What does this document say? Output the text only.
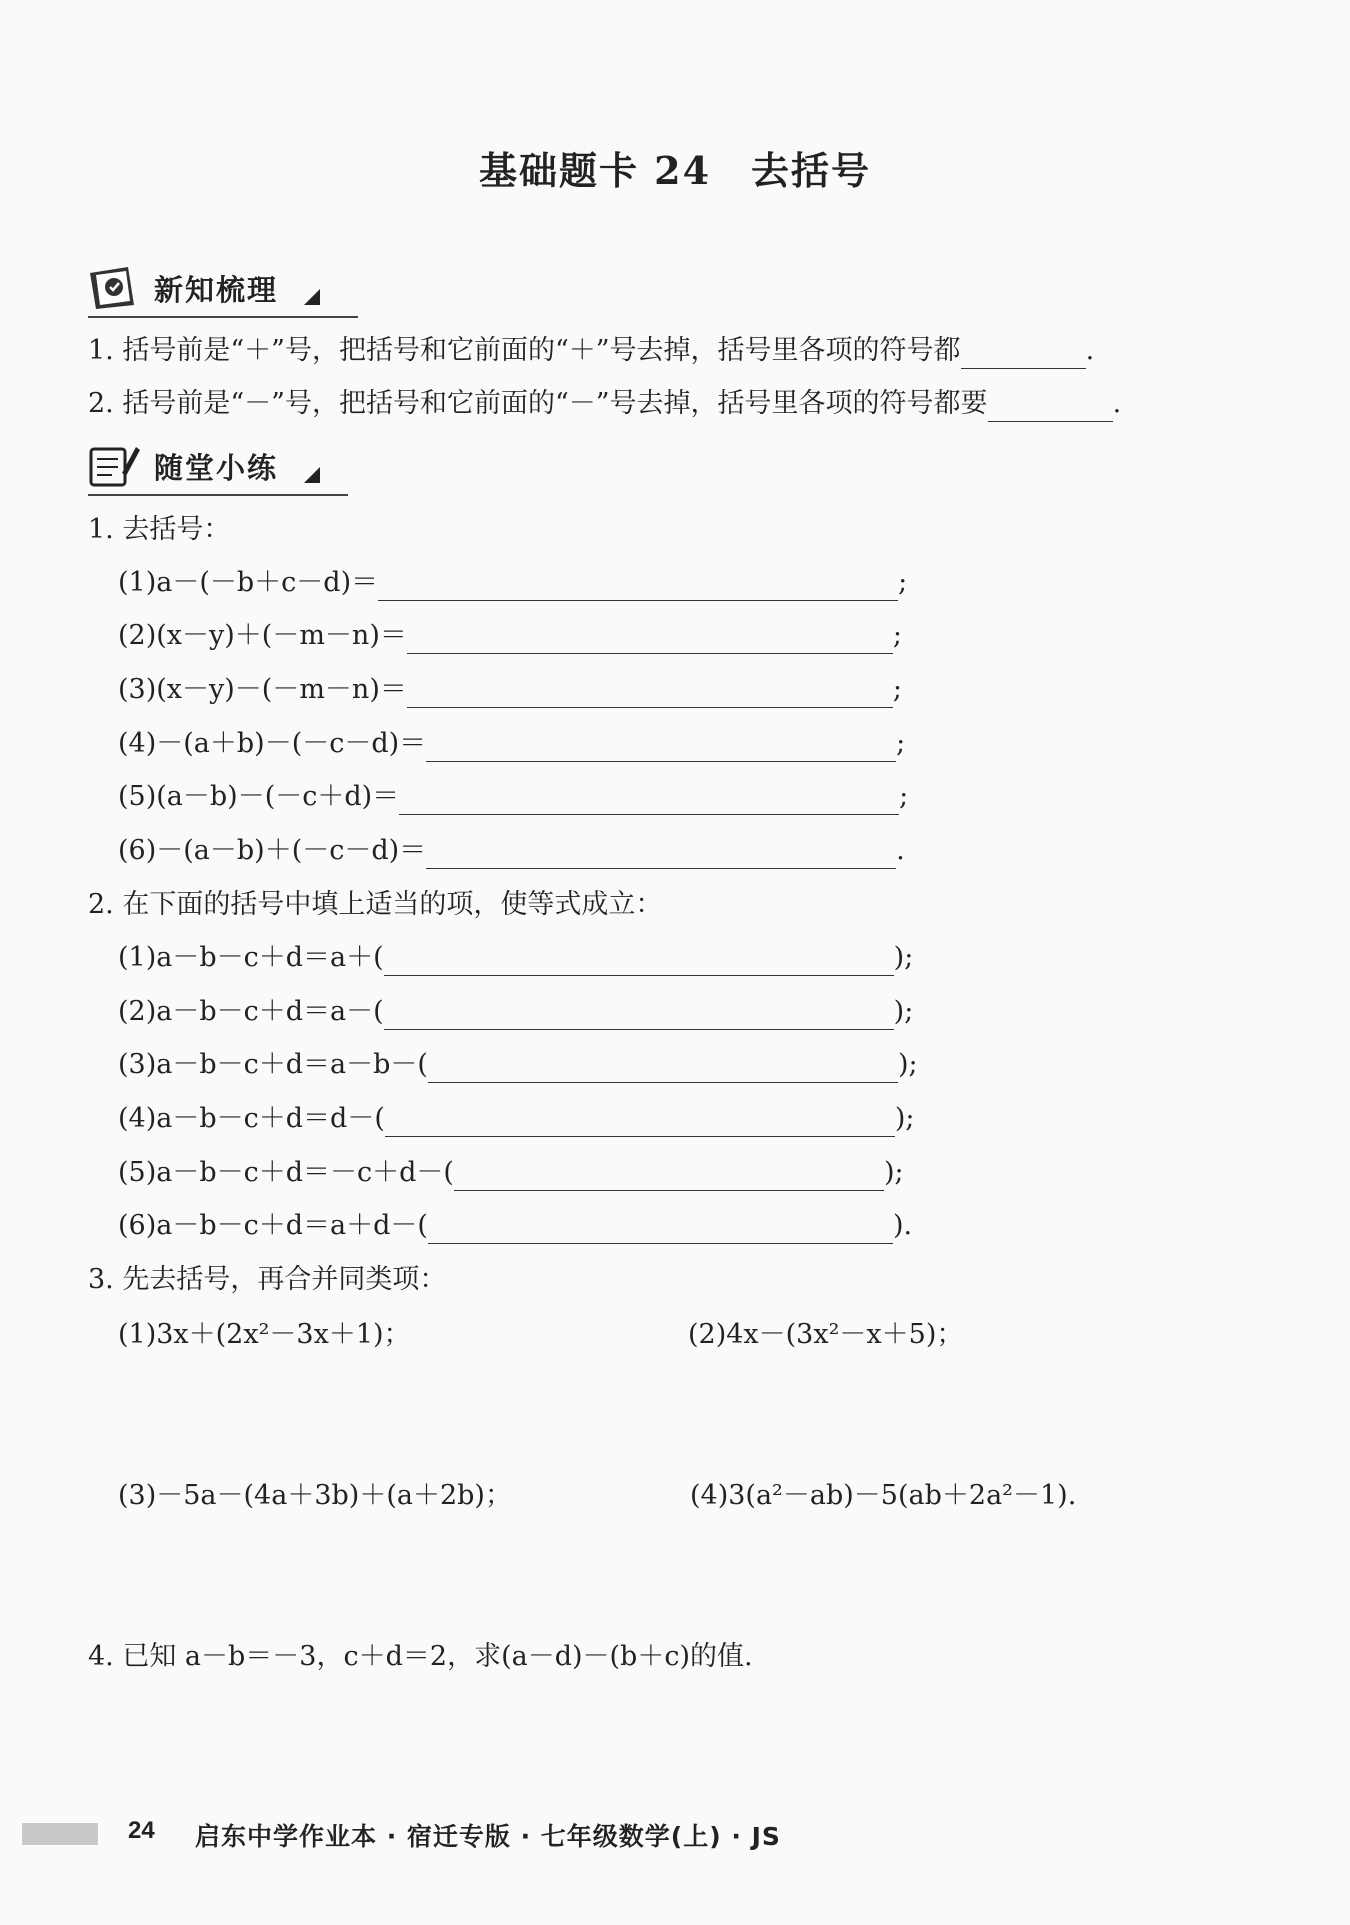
基础题卡 24　去括号
新知梳理
1. 括号前是“＋”号，把括号和它前面的“＋”号去掉，括号里各项的符号都	.
2. 括号前是“－”号，把括号和它前面的“－”号去掉，括号里各项的符号都要	.
随堂小练
1. 去括号：
(1)a－(－b＋c－d)＝	;
(2)(x－y)＋(－m－n)＝	;
(3)(x－y)－(－m－n)＝	;
(4)－(a＋b)－(－c－d)＝	;
(5)(a－b)－(－c＋d)＝	;
(6)－(a－b)＋(－c－d)＝	.
2. 在下面的括号中填上适当的项，使等式成立：
(1)a－b－c＋d＝a＋(	);
(2)a－b－c＋d＝a－(	);
(3)a－b－c＋d＝a－b－(	);
(4)a－b－c＋d＝d－(	);
(5)a－b－c＋d＝－c＋d－(	);
(6)a－b－c＋d＝a＋d－(	).
3. 先去括号，再合并同类项：
(1)3x＋(2x²－3x＋1)；	(2)4x－(3x²－x＋5)；
(3)－5a－(4a＋3b)＋(a＋2b)；	(4)3(a²－ab)－5(ab＋2a²－1).
4. 已知 a－b＝－3，c＋d＝2，求(a－d)－(b＋c)的值.
24 启东中学作业本 · 宿迁专版 · 七年级数学(上) · JS
